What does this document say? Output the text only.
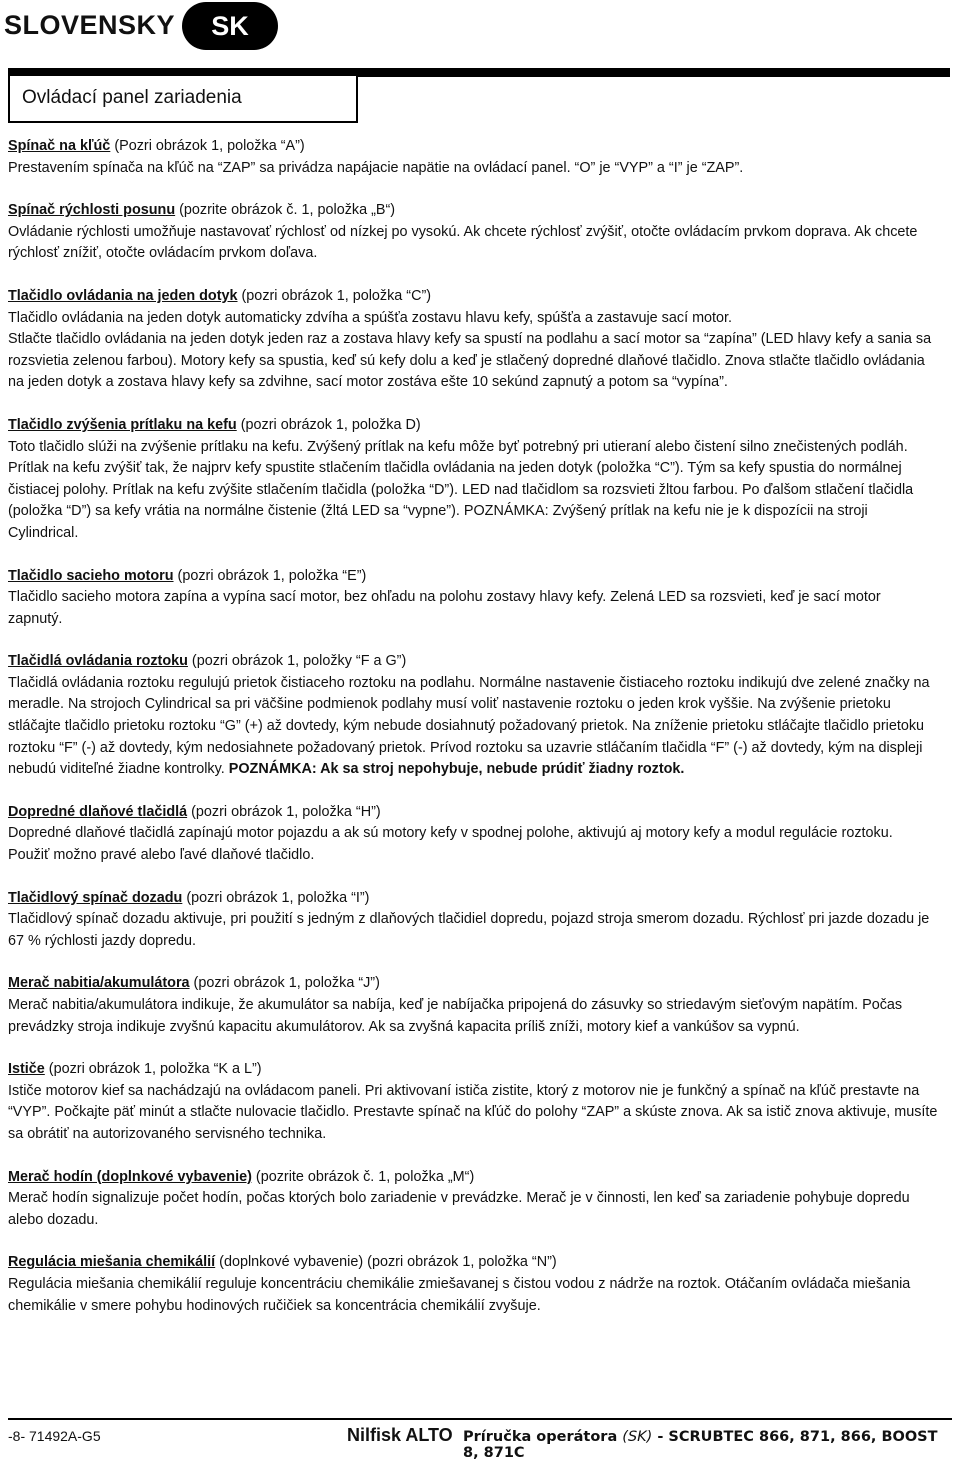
SLOVENSKY	SK
Ovládací panel zariadenia

Spínač na kľúč (Pozri obrázok 1, položka “A”)

Prestavením spínača na kľúč na “ZAP” sa privádza napájacie napätie na ovládací panel. “O” je “VYP” a “I” je “ZAP”.

Spínač rýchlosti posunu (pozrite obrázok č. 1, položka „B“)

Ovládanie rýchlosti umožňuje nastavovať rýchlosť od nízkej po vysokú. Ak chcete rýchlosť zvýšiť, otočte ovládacím prvkom doprava. Ak chcete rýchlosť znížiť, otočte ovládacím prvkom doľava.

Tlačidlo ovládania na jeden dotyk (pozri obrázok 1, položka “C”)

Tlačidlo ovládania na jeden dotyk automaticky zdvíha a spúšťa zostavu hlavu kefy, spúšťa a zastavuje sací motor.

Stlačte tlačidlo ovládania na jeden dotyk jeden raz a zostava hlavy kefy sa spustí na podlahu a sací motor sa “zapína” (LED hlavy kefy a sania sa rozsvietia zelenou farbou). Motory kefy sa spustia, keď sú kefy dolu a keď je stlačený dopredné dlaňové tlačidlo. Znova stlačte tlačidlo ovládania na jeden dotyk a zostava hlavy kefy sa zdvihne, sací motor zostáva ešte 10 sekúnd zapnutý a potom sa “vypína”.

Tlačidlo zvýšenia prítlaku na kefu (pozri obrázok 1, položka D)

Toto tlačidlo slúži na zvýšenie prítlaku na kefu. Zvýšený prítlak na kefu môže byť potrebný pri utieraní alebo čistení silno znečistených podláh. Prítlak na kefu zvýšiť tak, že najprv kefy spustite stlačením tlačidla ovládania na jeden dotyk (položka “C”). Tým sa kefy spustia do normálnej čistiacej polohy. Prítlak na kefu zvýšite stlačením tlačidla (položka “D”). LED nad tlačidlom sa rozsvieti žltou farbou. Po ďalšom stlačení tlačidla (položka “D”) sa kefy vrátia na normálne čistenie (žltá LED sa “vypne”). POZNÁMKA: Zvýšený prítlak na kefu nie je k dispozícii na stroji Cylindrical.

Tlačidlo sacieho motoru (pozri obrázok 1, položka “E”)

Tlačidlo sacieho motora zapína a vypína sací motor, bez ohľadu na polohu zostavy hlavy kefy. Zelená LED sa rozsvieti, keď je sací motor zapnutý.

Tlačidlá ovládania roztoku (pozri obrázok 1, položky “F a G”)

Tlačidlá ovládania roztoku regulujú prietok čistiaceho roztoku na podlahu. Normálne nastavenie čistiaceho roztoku indikujú dve zelené značky na meradle. Na strojoch Cylindrical sa pri väčšine podmienok podlahy musí voliť nastavenie roztoku o jeden krok vyššie. Na zvýšenie prietoku stláčajte tlačidlo prietoku roztoku “G” (+) až dovtedy, kým nebude dosiahnutý požadovaný prietok. Na zníženie prietoku stláčajte tlačidlo prietoku roztoku “F” (-) až dovtedy, kým nedosiahnete požadovaný prietok. Prívod roztoku sa uzavrie stláčaním tlačidla “F” (-) až dovtedy, kým na displeji nebudú viditeľné žiadne kontrolky. POZNÁMKA: Ak sa stroj nepohybuje, nebude prúdiť žiadny roztok.

Dopredné dlaňové tlačidlá (pozri obrázok 1, položka “H”)

Dopredné dlaňové tlačidlá zapínajú motor pojazdu a ak sú motory kefy v spodnej polohe, aktivujú aj motory kefy a modul regulácie roztoku. Použiť možno pravé alebo ľavé dlaňové tlačidlo.

Tlačidlový spínač dozadu (pozri obrázok 1, položka “I”)

Tlačidlový spínač dozadu aktivuje, pri použití s jedným z dlaňových tlačidiel dopredu, pojazd stroja smerom dozadu. Rýchlosť pri jazde dozadu je 67 % rýchlosti jazdy dopredu.

Merač nabitia/akumulátora (pozri obrázok 1, položka “J”)

Merač nabitia/akumulátora indikuje, že akumulátor sa nabíja, keď je nabíjačka pripojená do zásuvky so striedavým sieťovým napätím. Počas prevádzky stroja indikuje zvyšnú kapacitu akumulátorov. Ak sa zvyšná kapacita príliš zníži, motory kief a vankúšov sa vypnú.

Ističe (pozri obrázok 1, položka “K a L”)

Ističe motorov kief sa nachádzajú na ovládacom paneli. Pri aktivovaní ističa zistite, ktorý z motorov nie je funkčný a spínač na kľúč prestavte na “VYP”. Počkajte päť minút a stlačte nulovacie tlačidlo. Prestavte spínač na kľúč do polohy “ZAP” a skúste znova. Ak sa istič znova aktivuje, musíte sa obrátiť na autorizovaného servisného technika.

Merač hodín (doplnkové vybavenie) (pozrite obrázok č. 1, položka „M“)

Merač hodín signalizuje počet hodín, počas ktorých bolo zariadenie v prevádzke. Merač je v činnosti, len keď sa zariadenie pohybuje dopredu alebo dozadu.

Regulácia miešania chemikálií (doplnkové vybavenie) (pozri obrázok 1, položka “N”)

Regulácia miešania chemikálií reguluje koncentráciu chemikálie zmiešavanej s čistou vodou z nádrže na roztok. Otáčaním ovládača miešania chemikálie v smere pohybu hodinových ručičiek sa koncentrácia chemikálií zvyšuje.

-8- 71492A-G5	Nilfisk ALTO Príručka operátora (SK) - SCRUBTEC 866, 871, 866, BOOST 8, 871C
